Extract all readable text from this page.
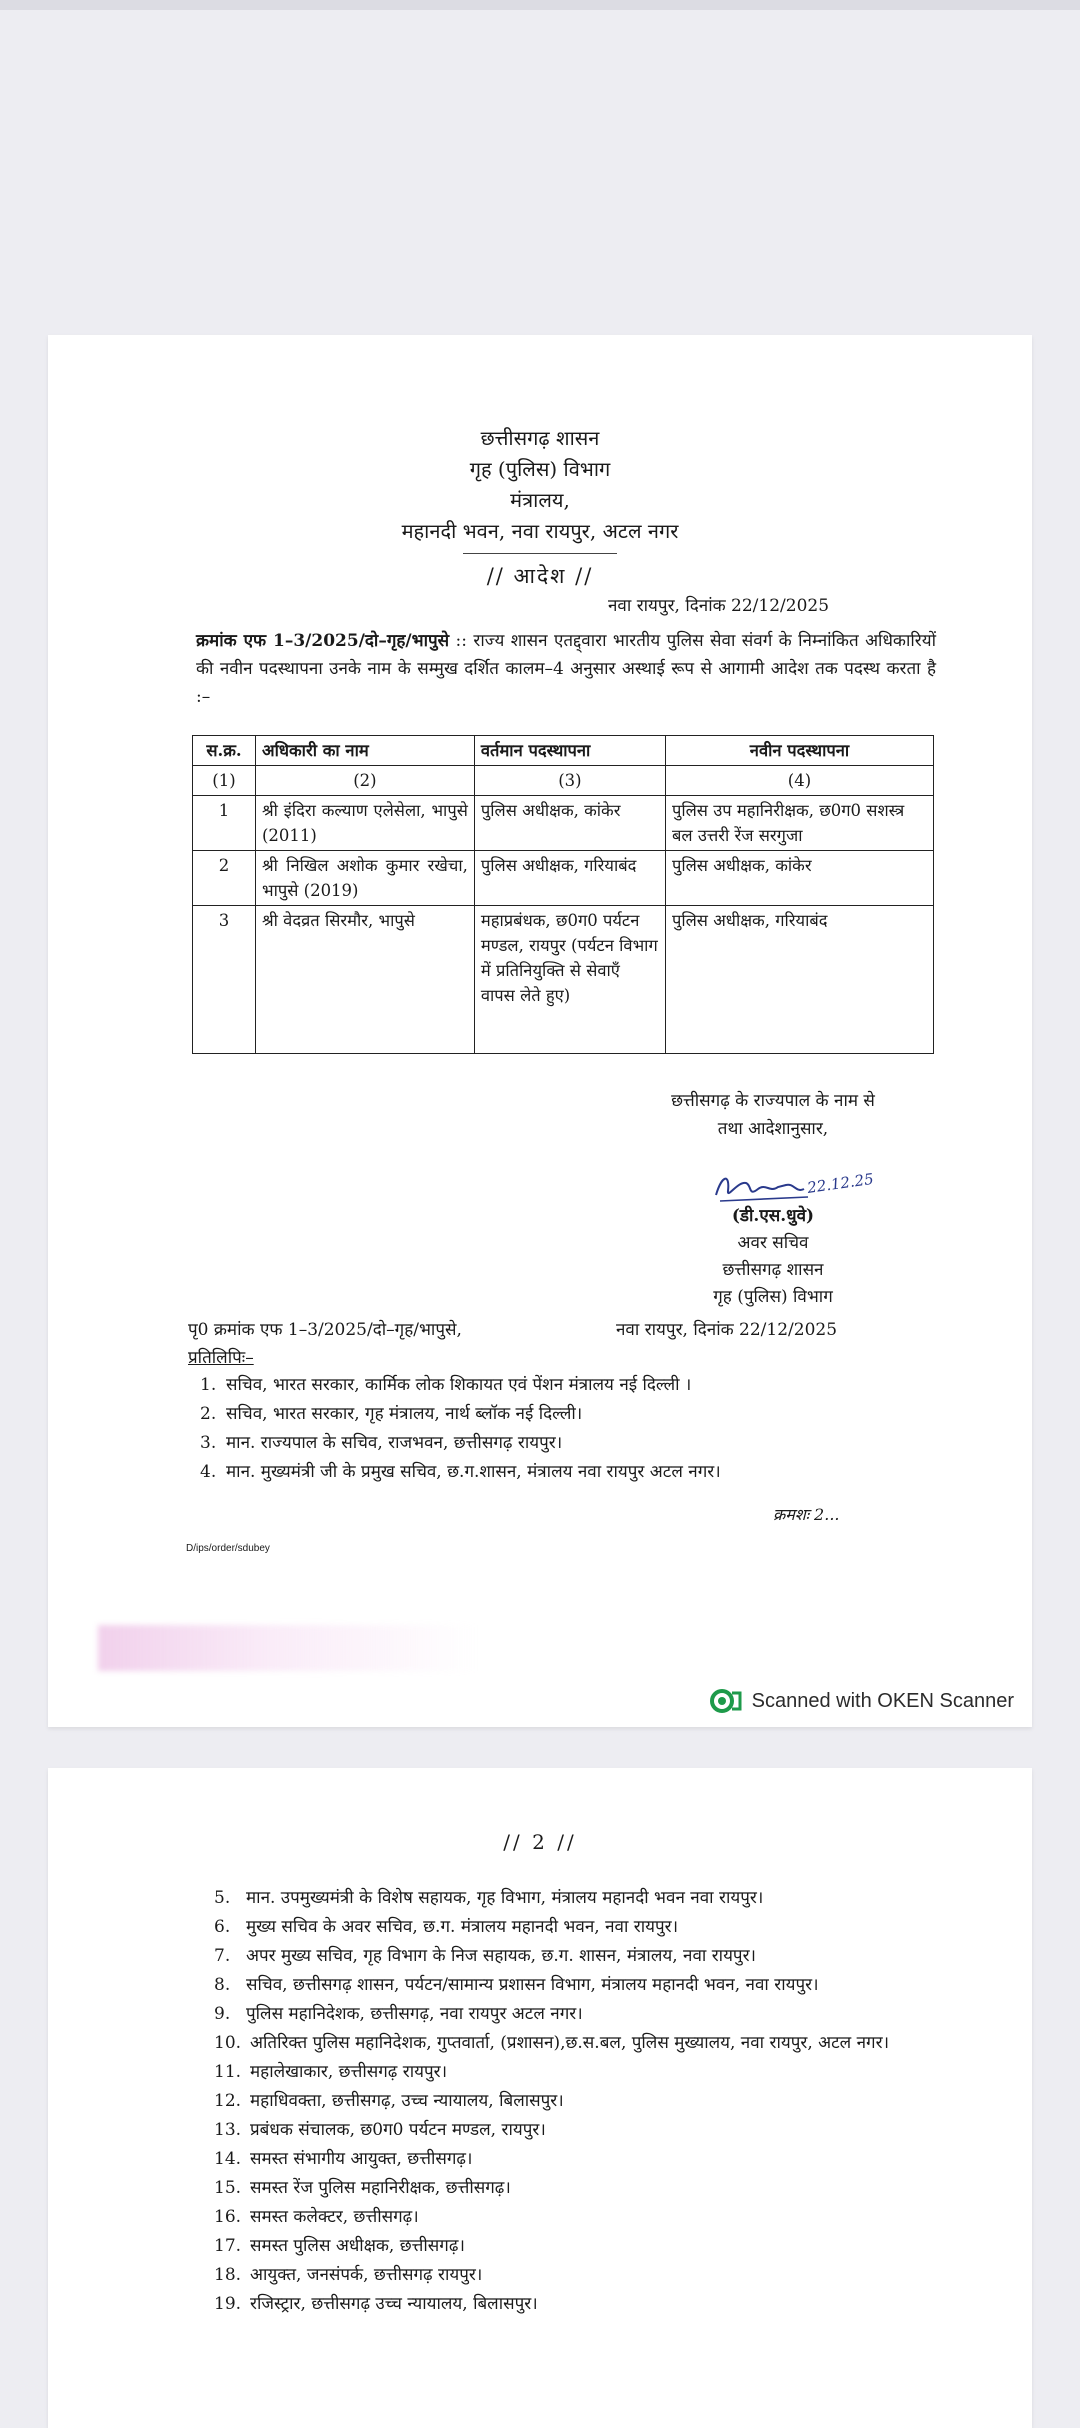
छत्तीसगढ़ शासन
गृह (पुलिस) विभाग
मंत्रालय,
महानदी भवन, नवा रायपुर, अटल नगर
// आदेश //
नवा रायपुर, दिनांक 22/12/2025
क्रमांक एफ 1–3/2025/दो–गृह/भापुसे :: राज्य शासन एतद्द्वारा भारतीय पुलिस सेवा संवर्ग के निम्नांकित अधिकारियों की नवीन पदस्थापना उनके नाम के सम्मुख दर्शित कालम–4 अनुसार अस्थाई रूप से आगामी आदेश तक पदस्थ करता है :–
स.क्र.	अधिकारी का नाम	वर्तमान पदस्थापना	नवीन पदस्थापना
(1)	(2)	(3)	(4)
1	श्री इंदिरा कल्याण एलेसेला, भापुसे (2011)	पुलिस अधीक्षक, कांकेर	पुलिस उप महानिरीक्षक, छ0ग0 सशस्त्र बल उत्तरी रेंज सरगुजा
2	श्री निखिल अशोक कुमार रखेचा, भापुसे (2019)	पुलिस अधीक्षक, गरियाबंद	पुलिस अधीक्षक, कांकेर
3	श्री वेदव्रत सिरमौर, भापुसे	महाप्रबंधक, छ0ग0 पर्यटन मण्डल, रायपुर (पर्यटन विभाग में प्रतिनियुक्ति से सेवाएँ वापस लेते हुए)	पुलिस अधीक्षक, गरियाबंद
छत्तीसगढ़ के राज्यपाल के नाम से
तथा आदेशानुसार,
22.12.25
(डी.एस.धुवे)
अवर सचिव
छत्तीसगढ़ शासन
गृह (पुलिस) विभाग
पृ0 क्रमांक एफ 1–3/2025/दो–गृह/भापुसे,	नवा रायपुर, दिनांक 22/12/2025
प्रतिलिपिः–
1. सचिव, भारत सरकार, कार्मिक लोक शिकायत एवं पेंशन मंत्रालय नई दिल्ली ।
2. सचिव, भारत सरकार, गृह मंत्रालय, नार्थ ब्लॉक नई दिल्ली।
3. मान. राज्यपाल के सचिव, राजभवन, छत्तीसगढ़ रायपुर।
4. मान. मुख्यमंत्री जी के प्रमुख सचिव, छ.ग.शासन, मंत्रालय नवा रायपुर अटल नगर।
क्रमशः 2...
D/ips/order/sdubey
Scanned with OKEN Scanner
// 2 //
5. मान. उपमुख्यमंत्री के विशेष सहायक, गृह विभाग, मंत्रालय महानदी भवन नवा रायपुर।
6. मुख्य सचिव के अवर सचिव, छ.ग. मंत्रालय महानदी भवन, नवा रायपुर।
7. अपर मुख्य सचिव, गृह विभाग के निज सहायक, छ.ग. शासन, मंत्रालय, नवा रायपुर।
8. सचिव, छत्तीसगढ़ शासन, पर्यटन/सामान्य प्रशासन विभाग, मंत्रालय महानदी भवन, नवा रायपुर।
9. पुलिस महानिदेशक, छत्तीसगढ़, नवा रायपुर अटल नगर।
10. अतिरिक्त पुलिस महानिदेशक, गुप्तवार्ता, (प्रशासन),छ.स.बल, पुलिस मुख्यालय, नवा रायपुर, अटल नगर।
11. महालेखाकार, छत्तीसगढ़ रायपुर।
12. महाधिवक्ता, छत्तीसगढ़, उच्च न्यायालय, बिलासपुर।
13. प्रबंधक संचालक, छ0ग0 पर्यटन मण्डल, रायपुर।
14. समस्त संभागीय आयुक्त, छत्तीसगढ़।
15. समस्त रेंज पुलिस महानिरीक्षक, छत्तीसगढ़।
16. समस्त कलेक्टर, छत्तीसगढ़।
17. समस्त पुलिस अधीक्षक, छत्तीसगढ़।
18. आयुक्त, जनसंपर्क, छत्तीसगढ़ रायपुर।
19. रजिस्ट्रार, छत्तीसगढ़ उच्च न्यायालय, बिलासपुर।
